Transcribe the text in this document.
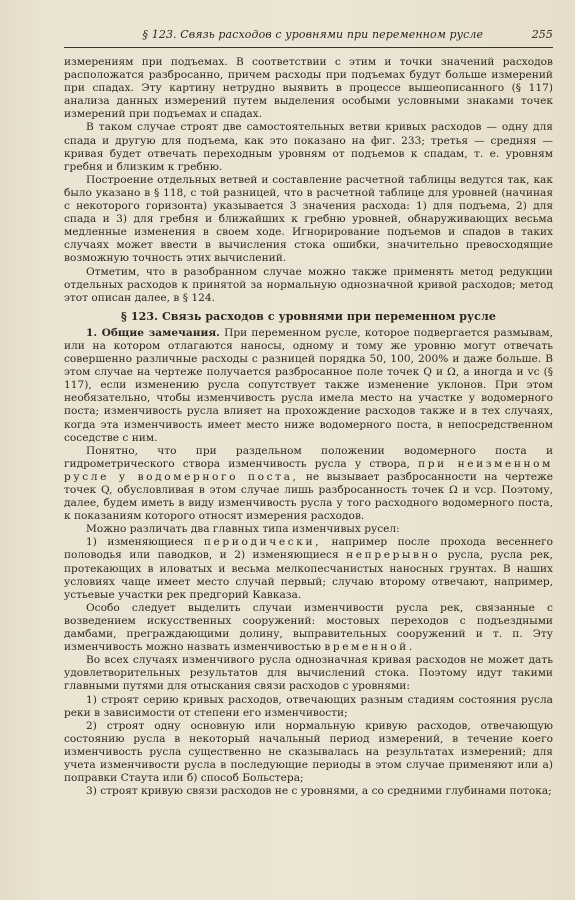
§ 123. Связь расходов с уровнями при переменном русле	255

измерениям при подъемах. В соответствии с этим и точки значений расходов расположатся разбросанно, причем расходы при подъемах будут больше измерений при спадах. Эту картину нетрудно выявить в процессе вышеописанного (§ 117) анализа данных измерений путем выделения особыми условными знаками точек измерений при подъемах и спадах.

В таком случае строят две самостоятельных ветви кривых расходов — одну для спада и другую для подъема, как это показано на фиг. 233; третья — средняя — кривая будет отвечать переходным уровням от подъемов к спадам, т. е. уровням гребня и близким к гребню.

Построение отдельных ветвей и составление расчетной таблицы ведутся так, как было указано в § 118, с той разницей, что в расчетной таблице для уровней (начиная с некоторого горизонта) указывается 3 значения расхода: 1) для подъема, 2) для спада и 3) для гребня и ближайших к гребню уровней, обнаруживающих весьма медленные изменения в своем ходе. Игнорирование подъемов и спадов в таких случаях может ввести в вычисления стока ошибки, значительно превосходящие возможную точность этих вычислений.

Отметим, что в разобранном случае можно также применять метод редукции отдельных расходов к принятой за нормальную однозначной кривой расходов; метод этот описан далее, в § 124.

§ 123. Связь расходов с уровнями при переменном русле

1. Общие замечания. При переменном русле, которое подвергается размывам, или на котором отлагаются наносы, одному и тому же уровню могут отвечать совершенно различные расходы с разницей порядка 50, 100, 200% и даже больше. В этом случае на чертеже получается разбросанное поле точек Q и Ω, а иногда и vc (§ 117), если изменению русла сопутствует также изменение уклонов. При этом необязательно, чтобы изменчивость русла имела место на участке у водомерного поста; изменчивость русла влияет на прохождение расходов также и в тех случаях, когда эта изменчивость имеет место ниже водомерного поста, в непосредственном соседстве с ним.

Понятно, что при раздельном положении водомерного поста и гидрометрического створа изменчивость русла у створа, при неизменном русле у водомерного поста, не вызывает разбросанности на чертеже точек Q, обусловливая в этом случае лишь разбросанность точек Ω и vср. Поэтому, далее, будем иметь в виду изменчивость русла у того расходного водомерного поста, к показаниям которого относят измерения расходов.

Можно различать два главных типа изменчивых русел:

1) изменяющиеся периодически, например после прохода весеннего половодья или паводков, и 2) изменяющиеся непрерывно русла, русла рек, протекающих в иловатых и весьма мелкопесчанистых наносных грунтах. В наших условиях чаще имеет место случай первый; случаю второму отвечают, например, устьевые участки рек предгорий Кавказа.

Особо следует выделить случаи изменчивости русла рек, связанные с возведением искусственных сооружений: мостовых переходов с подъездными дамбами, преграждающими долину, выправительных сооружений и т. п. Эту изменчивость можно назвать изменчивостью временной.

Во всех случаях изменчивого русла однозначная кривая расходов не может дать удовлетворительных результатов для вычислений стока. Поэтому идут такими главными путями для отыскания связи расходов с уровнями:

1) строят серию кривых расходов, отвечающих разным стадиям состояния русла реки в зависимости от степени его изменчивости;

2) строят одну основную или нормальную кривую расходов, отвечающую состоянию русла в некоторый начальный период измерений, в течение коего изменчивость русла существенно не сказывалась на результатах измерений; для учета изменчивости русла в последующие периоды в этом случае применяют или а) поправки Стаута или б) способ Больстера;

3) строят кривую связи расходов не с уровнями, а со средними глубинами потока;
